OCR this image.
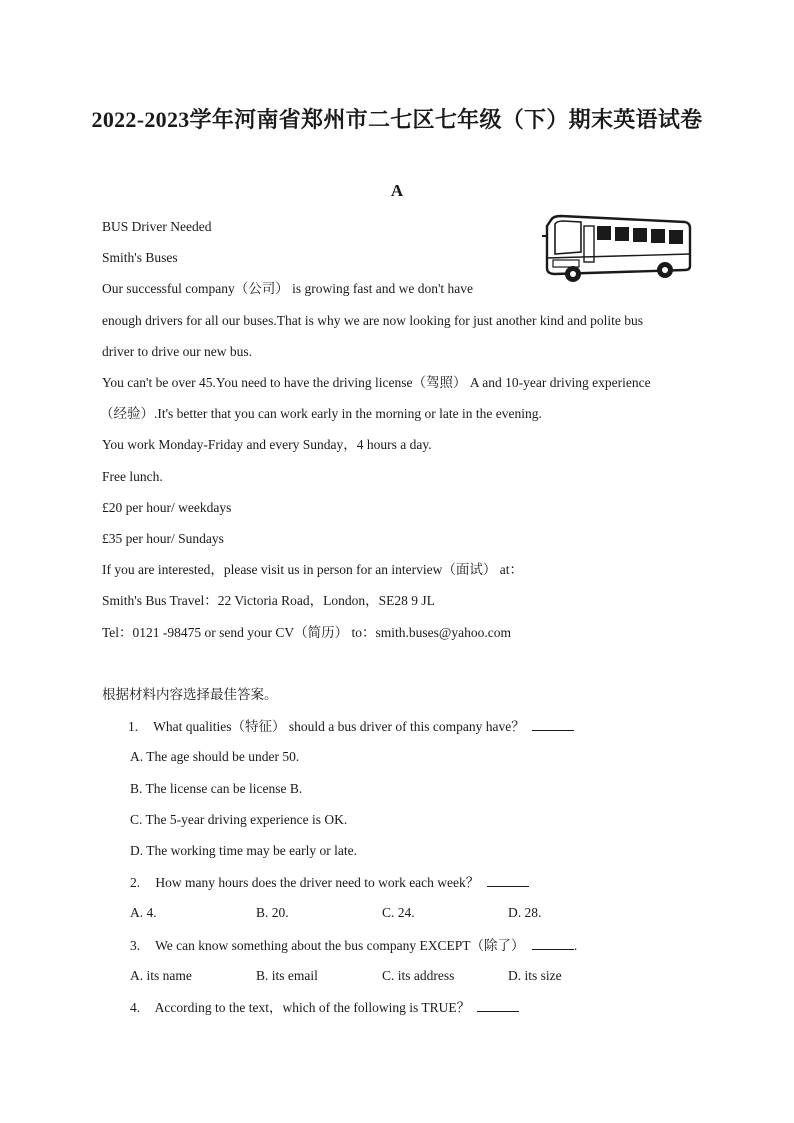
2022-2023学年河南省郑州市二七区七年级（下）期末英语试卷
A
BUS Driver Needed
Smith's Buses
Our successful company（公司） is growing fast and we don't have
enough drivers for all our buses.That is why we are now looking for just another kind and polite bus
driver to drive our new bus.
You can't be over 45.You need to have the driving license（驾照） A and 10-year driving experience
（经验）.It's better that you can work early in the morning or late in the evening.
You work Monday-Friday and every Sunday，4 hours a day.
Free lunch.
£20 per hour/ weekdays
£35 per hour/ Sundays
If you are interested，please visit us in person for an interview（面试） at：
Smith's Bus Travel：22 Victoria Road，London，SE28 9 JL
Tel：0121 -98475 or send your CV（简历） to：smith.buses@yahoo.com
根据材料内容选择最佳答案。
1. What qualities（特征） should a bus driver of this company have？
A. The age should be under 50.
B. The license can be license B.
C. The 5-year driving experience is OK.
D. The working time may be early or late.
2. How many hours does the driver need to work each week？
A. 4.	B. 20.	C. 24.	D. 28.
3. We can know something about the bus company EXCEPT（除了）	.
A. its name	B. its email	C. its address	D. its size
4. According to the text，which of the following is TRUE？
